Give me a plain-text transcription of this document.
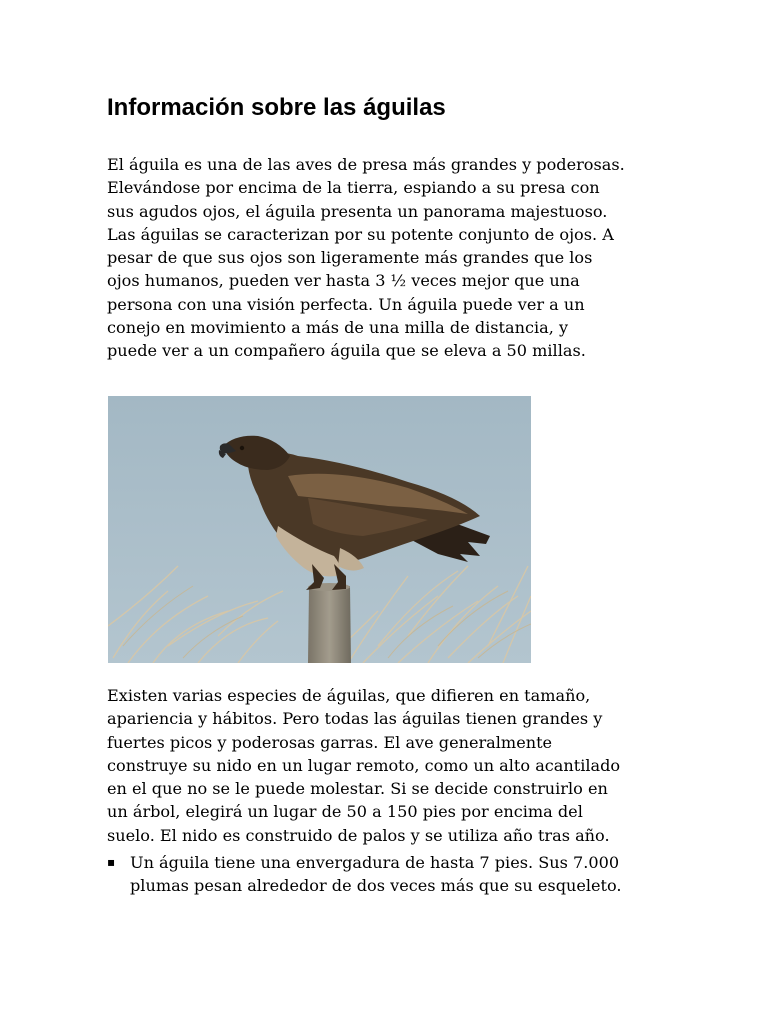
Información sobre las águilas

El águila es una de las aves de presa más grandes y poderosas.
Elevándose por encima de la tierra, espiando a su presa con
sus agudos ojos, el águila presenta un panorama majestuoso.
Las águilas se caracterizan por su potente conjunto de ojos. A
pesar de que sus ojos son ligeramente más grandes que los
ojos humanos, pueden ver hasta 3 ½ veces mejor que una
persona con una visión perfecta. Un águila puede ver a un
conejo en movimiento a más de una milla de distancia, y
puede ver a un compañero águila que se eleva a 50 millas.

Existen varias especies de águilas, que difieren en tamaño,
apariencia y hábitos. Pero todas las águilas tienen grandes y
fuertes picos y poderosas garras. El ave generalmente
construye su nido en un lugar remoto, como un alto acantilado
en el que no se le puede molestar. Si se decide construirlo en
un árbol, elegirá un lugar de 50 a 150 pies por encima del
suelo. El nido es construido de palos y se utiliza año tras año.

▪ Un águila tiene una envergadura de hasta 7 pies. Sus 7.000
plumas pesan alrededor de dos veces más que su esqueleto.
